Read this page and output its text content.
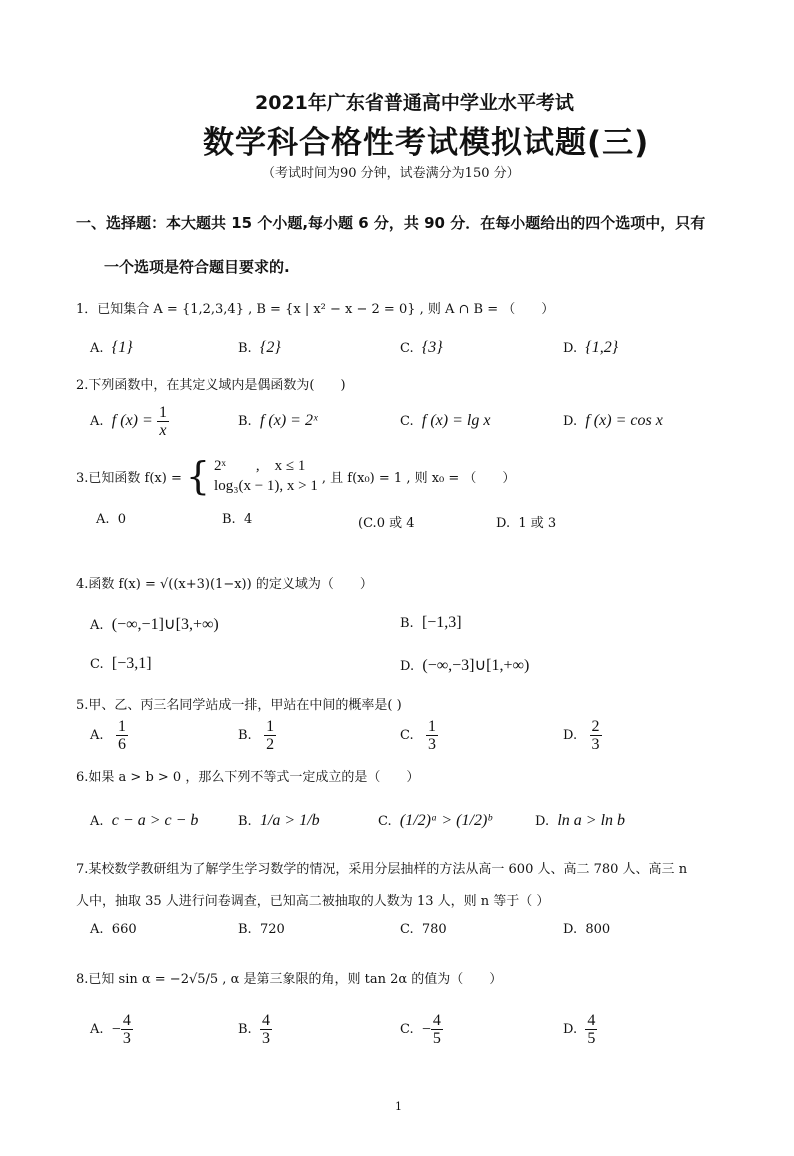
2021年广东省普通高中学业水平考试
数学科合格性考试模拟试题(三)
（考试时间为90 分钟，试卷满分为150 分）
一、选择题：本大题共 15 个小题,每小题 6 分，共 90 分．在每小题给出的四个选项中，只有
一个选项是符合题目要求的.
1．已知集合 A = {1,2,3,4} , B = {x | x² − x − 2 = 0} , 则 A ∩ B = （　　）
A. {1}	B. {2}	C. {3}	D. {1,2}
2.下列函数中，在其定义域内是偶函数为(　　)
A. f $(x) = \frac{1}{x}$	B. f (x) = 2ˣ	C. f (x) = lg x	D. f (x) = cos x
3.已知函数 f(x) = { 2ˣ　　,　x ≤ 1
log₃(x − 1), x > 1 , 且 f(x₀) = 1 , 则 x₀ = （　　）
A. 0	B. 4	(C.0 或 4	D. 1 或 3
4.函数 f(x) = √((x+3)(1−x)) 的定义域为（　　）
A. (−∞,−1]∪[3,+∞)	B. [−1,3]
C. [−3,1]	D. (−∞,−3]∪[1,+∞)
5.甲、乙、丙三名同学站成一排，甲站在中间的概率是( )
A. $\frac{1}{6}$	B. $\frac{1}{2}$	C. $\frac{1}{3}$	D. $\frac{2}{3}$
6.如果 a > b > 0 ，那么下列不等式一定成立的是（　　）
A. c − a > c − b	B. 1/a > 1/b	C. (1/2)ᵃ > (1/2)ᵇ	D. ln a > ln b
7.某校数学教研组为了解学生学习数学的情况，采用分层抽样的方法从高一 600 人、高二 780 人、高三 n
人中，抽取 35 人进行问卷调查，已知高二被抽取的人数为 13 人，则 n 等于（ ）
A. 660	B. 720	C. 780	D. 800
8.已知 sin α = −2√5/5 , α 是第三象限的角，则 tan 2α 的值为（　　）
A.
− $\frac{4}{3}$	B.
$\frac{4}{3}$	C.
− $\frac{4}{5}$	D.
$\frac{4}{5}$
1
